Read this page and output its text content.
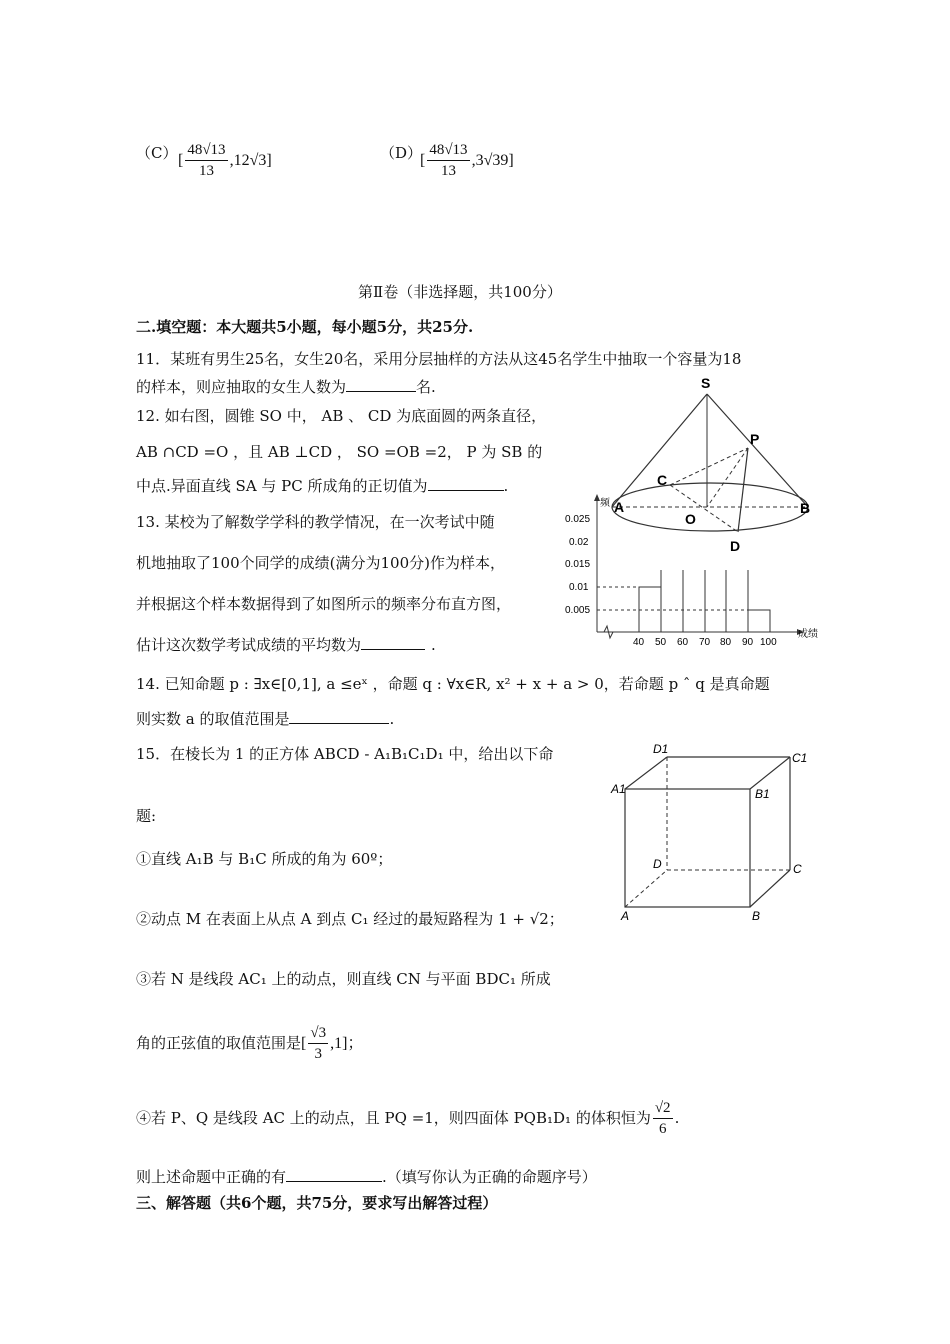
（C） [ $\frac{48√13}{13} ,12√3$]	（D）
[ $\frac{48√13}{13} ,3√39$]
第Ⅱ卷（非选择题，共100分）
二.填空题：本大题共5小题，每小题5分，共25分.
11．某班有男生25名，女生20名，采用分层抽样的方法从这45名学生中抽取一个容量为18
的样本，则应抽取的女生人数为	名.
12. 如右图，圆锥 SO 中， AB 、 CD 为底面圆的两条直径，
AB ∩CD =O ，且 AB ⊥CD ， SO =OB =2， P 为 SB 的
中点.异面直线 SA 与 PC 所成角的正切值为	.
13. 某校为了解数学学科的教学情况，在一次考试中随
机地抽取了100个同学的成绩(满分为100分)作为样本，
并根据这个样本数据得到了如图所示的频率分布直方图，
估计这次数学考试成绩的平均数为	.
14. 已知命题 p : ∃x∈[0,1], a ≤eˣ ，命题 q : ∀x∈R, x² + x + a > 0，若命题 p ˆ q 是真命题
则实数 a 的取值范围是	.
15．在棱长为 1 的正方体 ABCD - A₁B₁C₁D₁ 中，给出以下命
题:
①直线 A₁B 与 B₁C 所成的角为 60º；
②动点 M 在表面上从点 A 到点 C₁ 经过的最短路程为 1 + √2；
③若 N 是线段 AC₁ 上的动点，则直线 CN 与平面 BDC₁ 所成
角的正弦值的取值范围是[ $\frac{√3}{3} ,1$]；
④若 P、Q 是线段 AC 上的动点，且 PQ =1，则四面体 PQB₁D₁ 的体积恒为 $\frac{√2}{6}$ .
则上述命题中正确的有	.（填写你认为正确的命题序号）
三、解答题（共6个题，共75分，要求写出解答过程）
S
P
C
A
O
B
D
频
成绩
0.025
0.02
0.015
0.01
0.005
40 50 60 70 80 90 100
D1
C1
A1	B1
D	C
A	B
